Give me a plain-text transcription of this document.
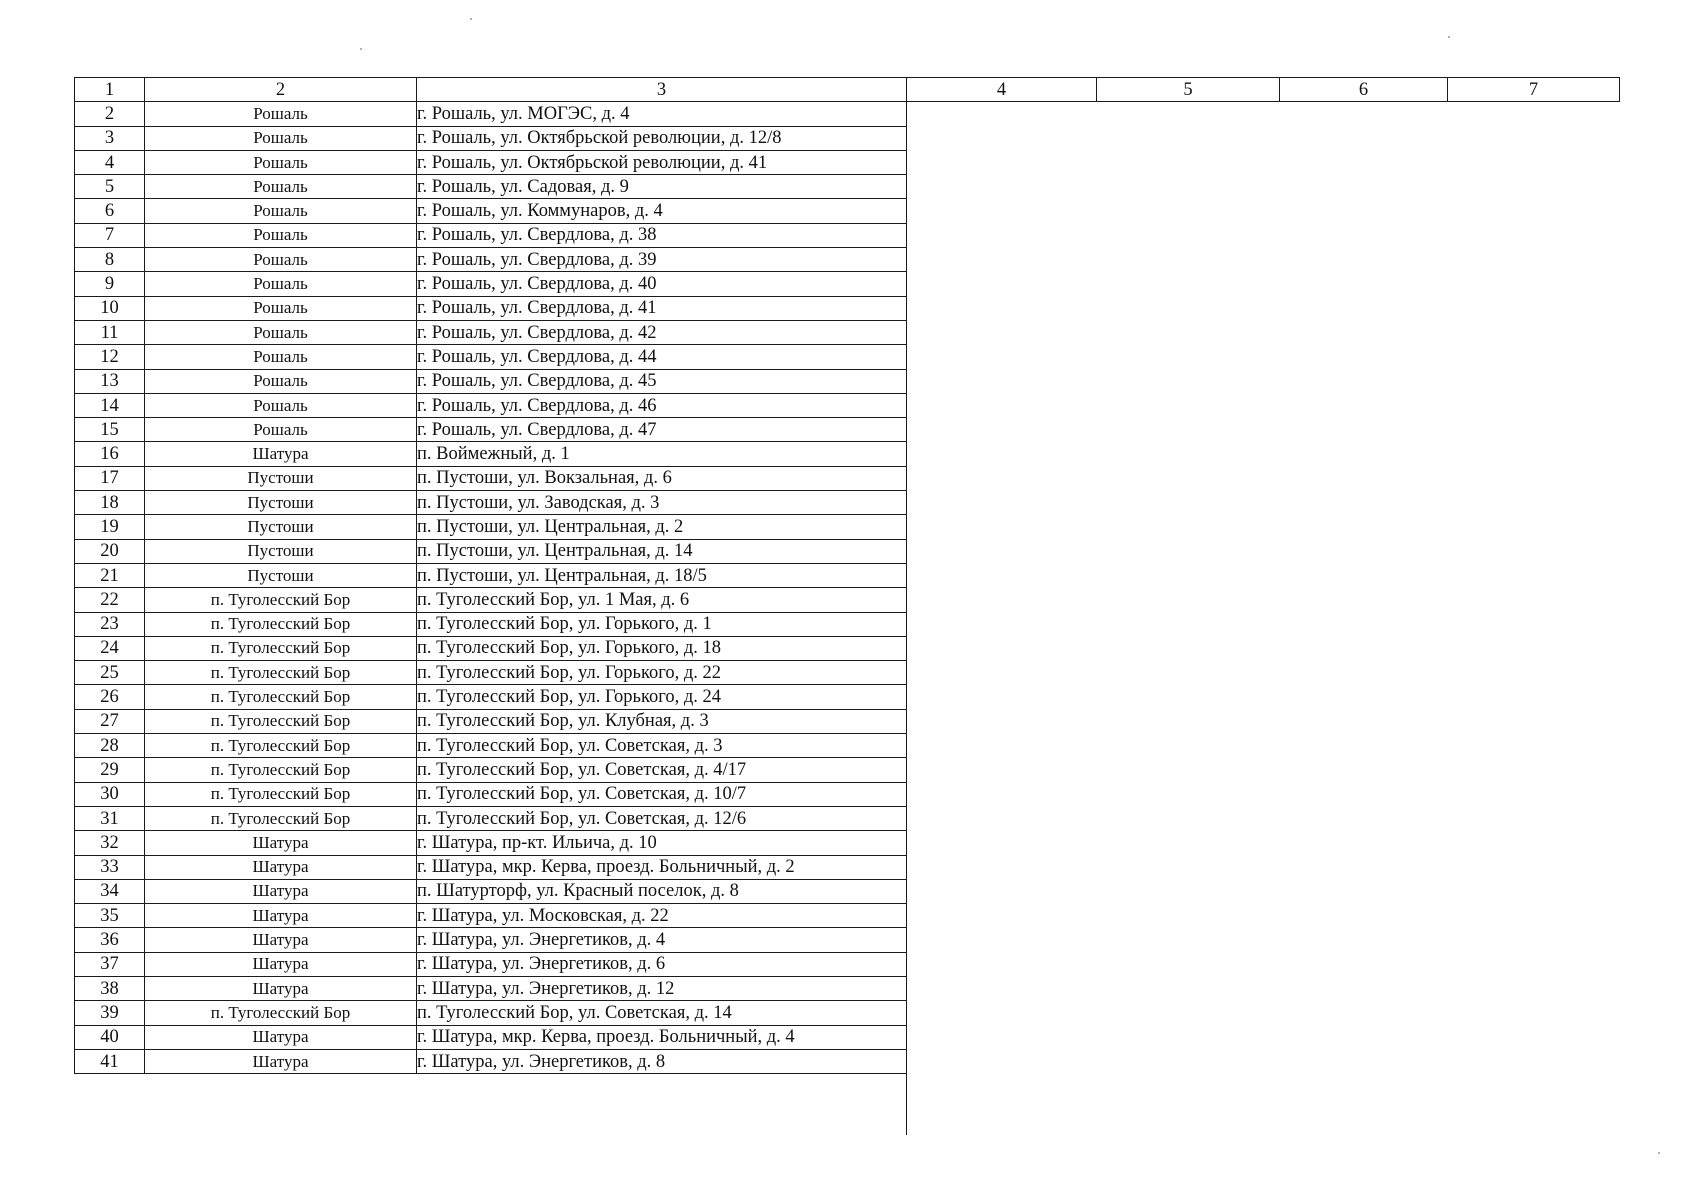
1	2	3	4	5	6	7
2	Рошаль	г. Рошаль, ул. МОГЭС, д. 4				
3	Рошаль	г. Рошаль, ул. Октябрьской революции, д. 12/8				
4	Рошаль	г. Рошаль, ул. Октябрьской революции, д. 41				
5	Рошаль	г. Рошаль, ул. Садовая, д. 9				
6	Рошаль	г. Рошаль, ул. Коммунаров, д. 4				
7	Рошаль	г. Рошаль, ул. Свердлова, д. 38				
8	Рошаль	г. Рошаль, ул. Свердлова, д. 39				
9	Рошаль	г. Рошаль, ул. Свердлова, д. 40				
10	Рошаль	г. Рошаль, ул. Свердлова, д. 41				
11	Рошаль	г. Рошаль, ул. Свердлова, д. 42				
12	Рошаль	г. Рошаль, ул. Свердлова, д. 44				
13	Рошаль	г. Рошаль, ул. Свердлова, д. 45				
14	Рошаль	г. Рошаль, ул. Свердлова, д. 46				
15	Рошаль	г. Рошаль, ул. Свердлова, д. 47				
16	Шатура	п. Воймежный, д. 1				
17	Пустоши	п. Пустоши, ул. Вокзальная, д. 6				
18	Пустоши	п. Пустоши, ул. Заводская, д. 3				
19	Пустоши	п. Пустоши, ул. Центральная, д. 2				
20	Пустоши	п. Пустоши, ул. Центральная, д. 14				
21	Пустоши	п. Пустоши, ул. Центральная, д. 18/5				
22	п. Туголесский Бор	п. Туголесский Бор, ул. 1 Мая, д. 6				
23	п. Туголесский Бор	п. Туголесский Бор, ул. Горького, д. 1				
24	п. Туголесский Бор	п. Туголесский Бор, ул. Горького, д. 18				
25	п. Туголесский Бор	п. Туголесский Бор, ул. Горького, д. 22				
26	п. Туголесский Бор	п. Туголесский Бор, ул. Горького, д. 24				
27	п. Туголесский Бор	п. Туголесский Бор, ул. Клубная, д. 3				
28	п. Туголесский Бор	п. Туголесский Бор, ул. Советская, д. 3				
29	п. Туголесский Бор	п. Туголесский Бор, ул. Советская, д. 4/17				
30	п. Туголесский Бор	п. Туголесский Бор, ул. Советская, д. 10/7				
31	п. Туголесский Бор	п. Туголесский Бор, ул. Советская, д. 12/6				
32	Шатура	г. Шатура, пр-кт. Ильича, д. 10				
33	Шатура	г. Шатура, мкр. Керва, проезд. Больничный, д. 2				
34	Шатура	п. Шатурторф, ул. Красный поселок, д. 8				
35	Шатура	г. Шатура, ул. Московская, д. 22				
36	Шатура	г. Шатура, ул. Энергетиков, д. 4				
37	Шатура	г. Шатура, ул. Энергетиков, д. 6				
38	Шатура	г. Шатура, ул. Энергетиков, д. 12				
39	п. Туголесский Бор	п. Туголесский Бор, ул. Советская, д. 14				
40	Шатура	г. Шатура, мкр. Керва, проезд. Больничный, д. 4				
41	Шатура	г. Шатура, ул. Энергетиков, д. 8				
